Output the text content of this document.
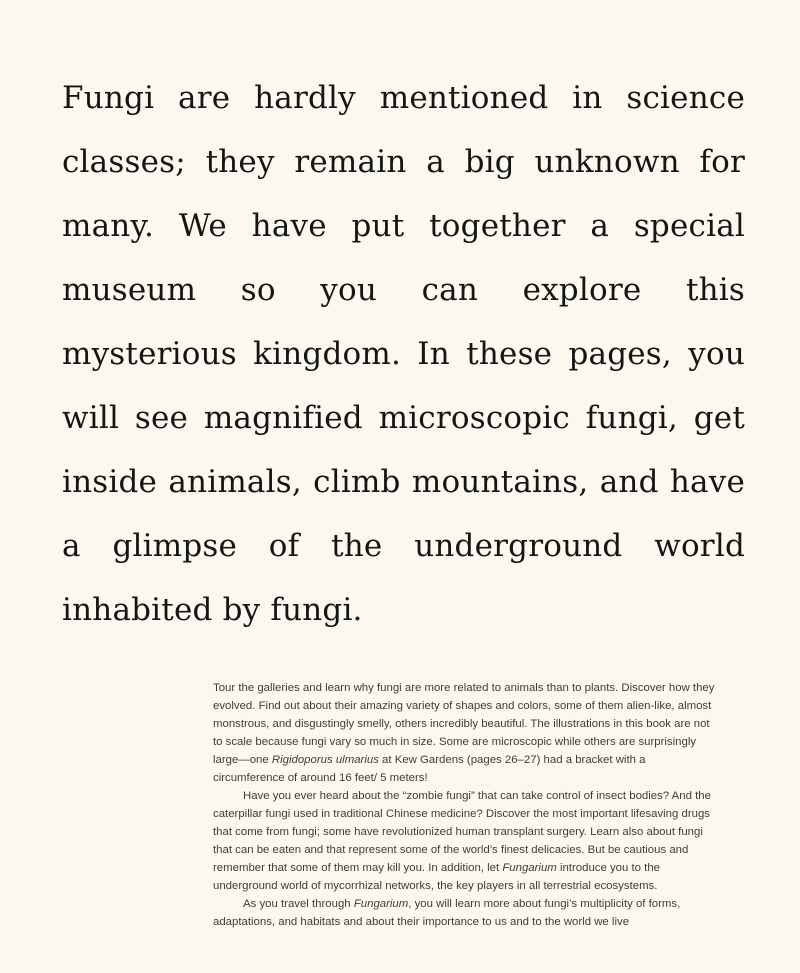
Fungi are hardly mentioned in science classes; they remain a big unknown for many. We have put together a special museum so you can explore this mysterious kingdom. In these pages, you will see magnified microscopic fungi, get inside animals, climb mountains, and have a glimpse of the underground world inhabited by fungi.

Tour the galleries and learn why fungi are more related to animals than to plants. Discover how they evolved. Find out about their amazing variety of shapes and colors, some of them alien-like, almost monstrous, and disgustingly smelly, others incredibly beautiful. The illustrations in this book are not to scale because fungi vary so much in size. Some are microscopic while others are surprisingly large—one Rigidoporus ulmarius at Kew Gardens (pages 26–27) had a bracket with a circumference of around 16 feet/ 5 meters!

Have you ever heard about the “zombie fungi” that can take control of insect bodies? And the caterpillar fungi used in traditional Chinese medicine? Discover the most important lifesaving drugs that come from fungi; some have revolutionized human transplant surgery. Learn also about fungi that can be eaten and that represent some of the world’s finest delicacies. But be cautious and remember that some of them may kill you. In addition, let Fungarium introduce you to the underground world of mycorrhizal networks, the key players in all terrestrial ecosystems.

As you travel through Fungarium, you will learn more about fungi’s multiplicity of forms, adaptations, and habitats and about their importance to us and to the world we live
